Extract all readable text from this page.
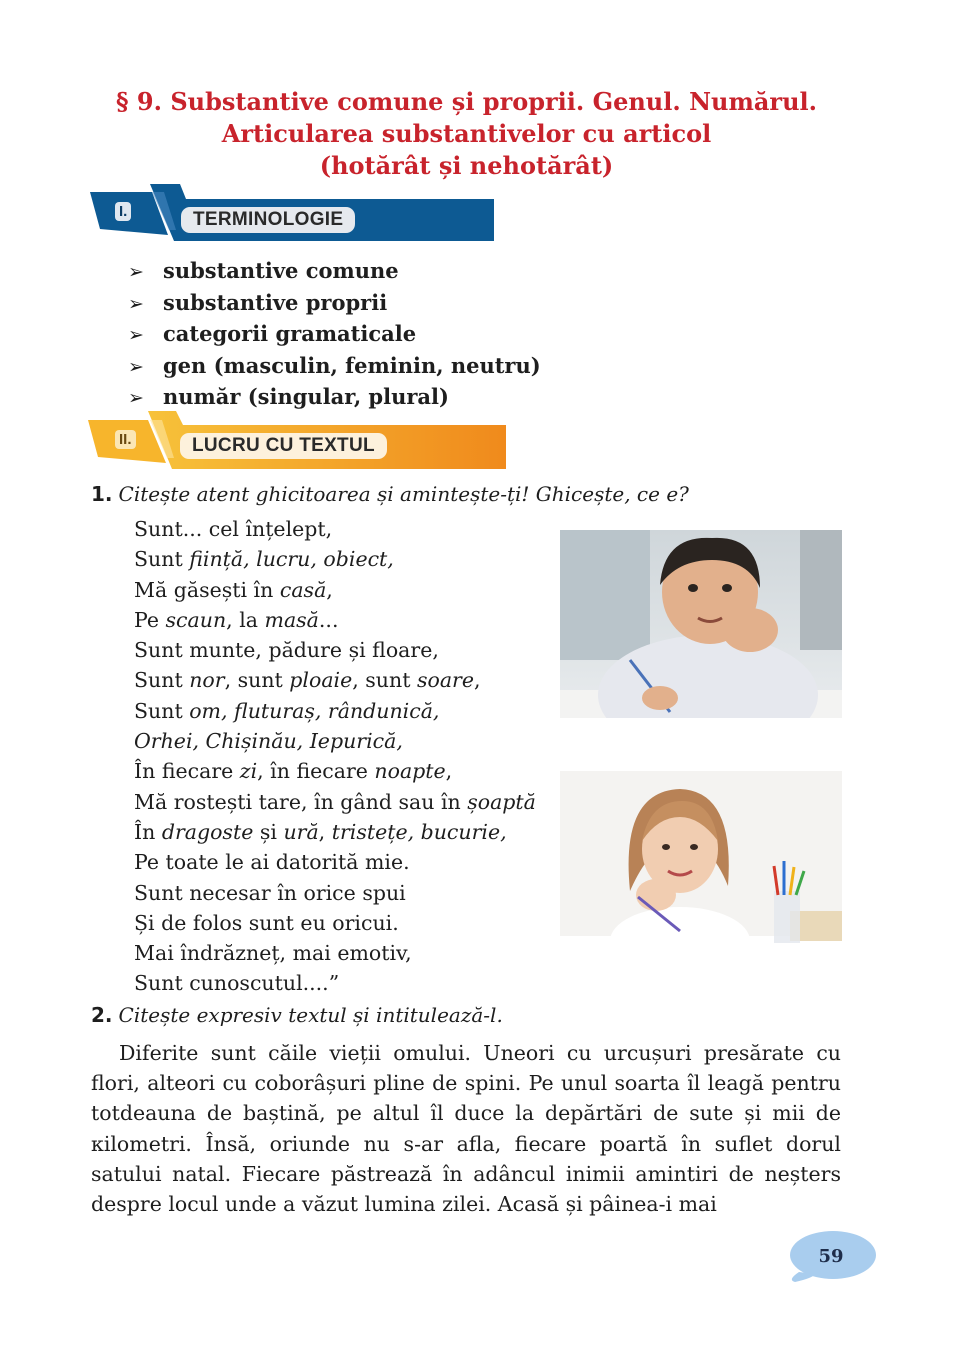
§ 9. Substantive comune și proprii. Genul. Numărul.
Articularea substantivelor cu articol
(hotărât și nehotărât)
I.	TERMINOLOGIE
➢ substantive comune
➢ substantive proprii
➢ categorii gramaticale
➢ gen (masculin, feminin, neutru)
➢ număr (singular, plural)
II.	LUCRU CU TEXTUL
1. Citește atent ghicitoarea și amintește-ți! Ghicește, ce e?
Sunt... cel înțelept,
Sunt ființă, lucru, obiect,
Mă găsești în casă,
Pe scaun, la masă...
Sunt munte, pădure și floare,
Sunt nor, sunt ploaie, sunt soare,
Sunt om, fluturaș, rândunică,
Orhei, Chișinău, Iepurică,
În fiecare zi, în fiecare noapte,
Mă rostești tare, în gând sau în șoaptă
În dragoste și ură, tristețe, bucurie,
Pe toate le ai datorită mie.
Sunt necesar în orice spui
Și de folos sunt eu oricui.
Mai îndrăzneț, mai emotiv,
Sunt cunoscutul....”
2. Citește expresiv textul și intitulează-l.

Diferite sunt căile vieții omului. Uneori cu urcușuri presărate cu flori, alteori cu coborâșuri pline de spini. Pe unul soarta îl leagă pentru totdeauna de baștină, pe altul îl duce la depărtări de sute și mii de кilometri. Însă, oriunde nu s-ar afla, fiecare poartă în suflet dorul satului natal. Fiecare păstrează în adâncul inimii amintiri de neșters despre locul unde a văzut lumina zilei. Acasă și pâinea-i mai

59
